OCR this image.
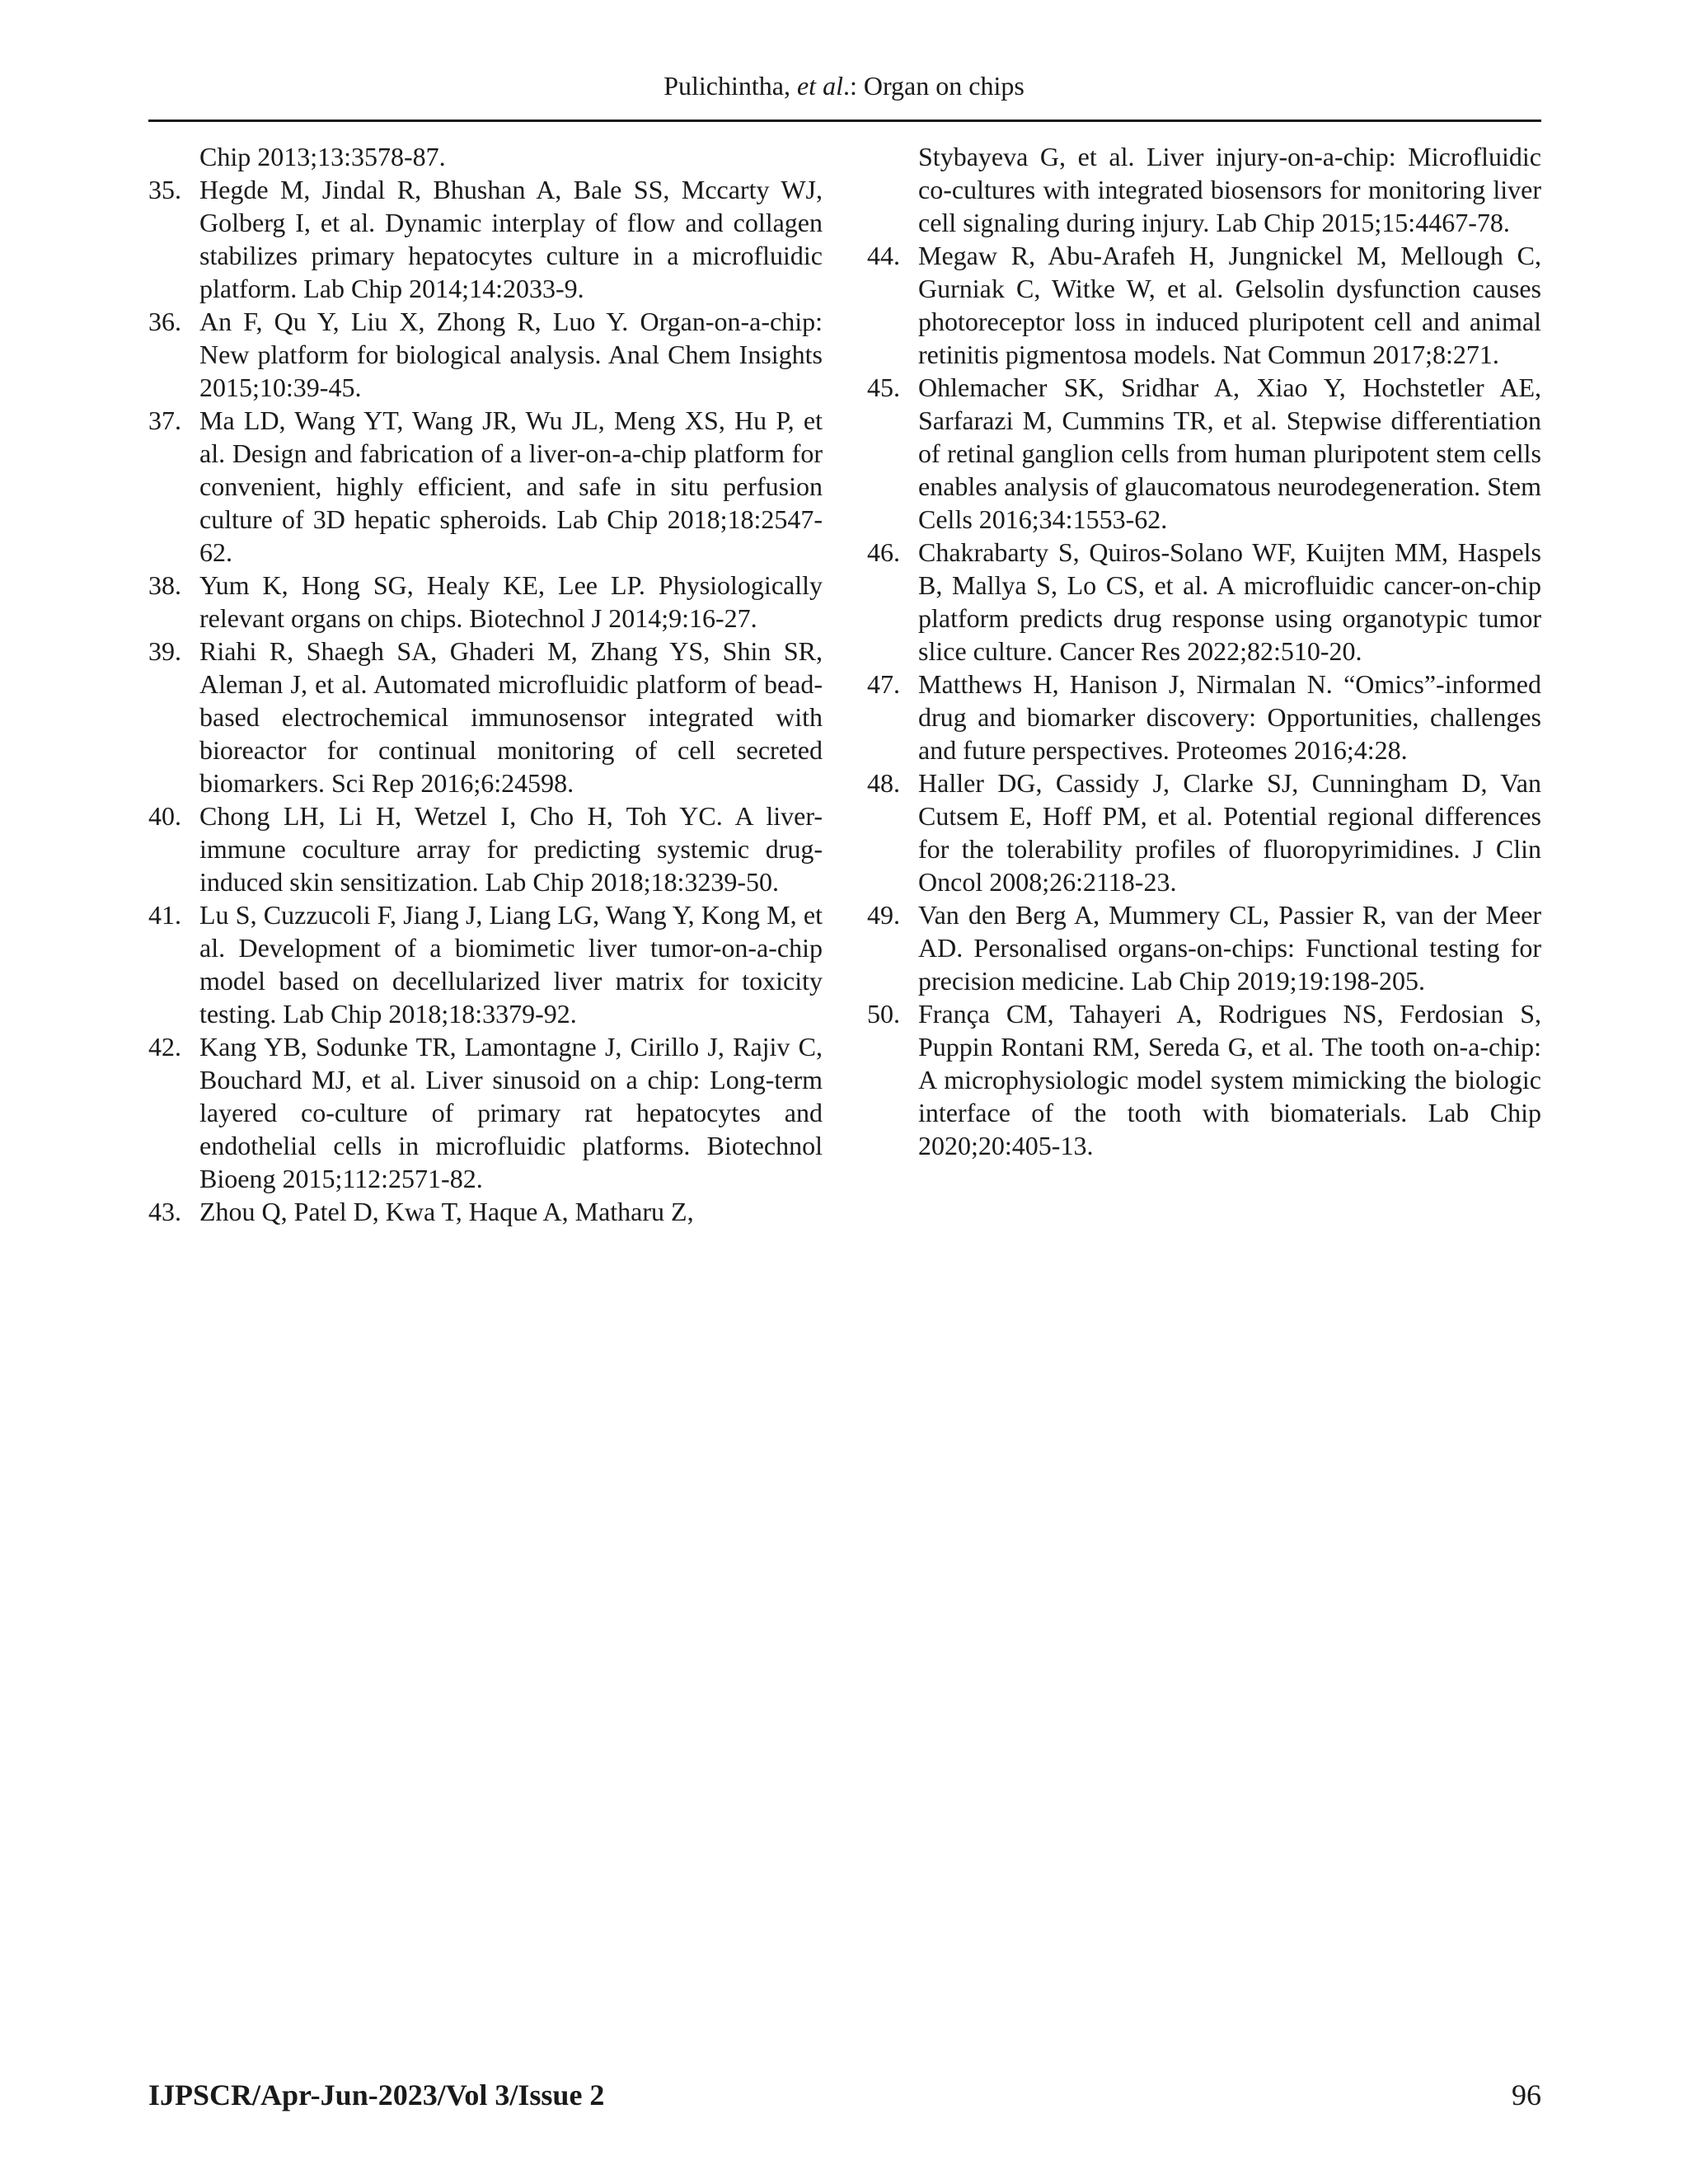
Pulichintha, et al.: Organ on chips
Chip 2013;13:3578-87.
35. Hegde M, Jindal R, Bhushan A, Bale SS, Mccarty WJ, Golberg I, et al. Dynamic interplay of flow and collagen stabilizes primary hepatocytes culture in a microfluidic platform. Lab Chip 2014;14:2033-9.
36. An F, Qu Y, Liu X, Zhong R, Luo Y. Organ-on-a-chip: New platform for biological analysis. Anal Chem Insights 2015;10:39-45.
37. Ma LD, Wang YT, Wang JR, Wu JL, Meng XS, Hu P, et al. Design and fabrication of a liver-on-a-chip platform for convenient, highly efficient, and safe in situ perfusion culture of 3D hepatic spheroids. Lab Chip 2018;18:2547-62.
38. Yum K, Hong SG, Healy KE, Lee LP. Physiologically relevant organs on chips. Biotechnol J 2014;9:16-27.
39. Riahi R, Shaegh SA, Ghaderi M, Zhang YS, Shin SR, Aleman J, et al. Automated microfluidic platform of bead-based electrochemical immunosensor integrated with bioreactor for continual monitoring of cell secreted biomarkers. Sci Rep 2016;6:24598.
40. Chong LH, Li H, Wetzel I, Cho H, Toh YC. A liver-immune coculture array for predicting systemic drug-induced skin sensitization. Lab Chip 2018;18:3239-50.
41. Lu S, Cuzzucoli F, Jiang J, Liang LG, Wang Y, Kong M, et al. Development of a biomimetic liver tumor-on-a-chip model based on decellularized liver matrix for toxicity testing. Lab Chip 2018;18:3379-92.
42. Kang YB, Sodunke TR, Lamontagne J, Cirillo J, Rajiv C, Bouchard MJ, et al. Liver sinusoid on a chip: Long-term layered co-culture of primary rat hepatocytes and endothelial cells in microfluidic platforms. Biotechnol Bioeng 2015;112:2571-82.
43. Zhou Q, Patel D, Kwa T, Haque A, Matharu Z,
Stybayeva G, et al. Liver injury-on-a-chip: Microfluidic co-cultures with integrated biosensors for monitoring liver cell signaling during injury. Lab Chip 2015;15:4467-78.
44. Megaw R, Abu-Arafeh H, Jungnickel M, Mellough C, Gurniak C, Witke W, et al. Gelsolin dysfunction causes photoreceptor loss in induced pluripotent cell and animal retinitis pigmentosa models. Nat Commun 2017;8:271.
45. Ohlemacher SK, Sridhar A, Xiao Y, Hochstetler AE, Sarfarazi M, Cummins TR, et al. Stepwise differentiation of retinal ganglion cells from human pluripotent stem cells enables analysis of glaucomatous neurodegeneration. Stem Cells 2016;34:1553-62.
46. Chakrabarty S, Quiros-Solano WF, Kuijten MM, Haspels B, Mallya S, Lo CS, et al. A microfluidic cancer-on-chip platform predicts drug response using organotypic tumor slice culture. Cancer Res 2022;82:510-20.
47. Matthews H, Hanison J, Nirmalan N. “Omics”-informed drug and biomarker discovery: Opportunities, challenges and future perspectives. Proteomes 2016;4:28.
48. Haller DG, Cassidy J, Clarke SJ, Cunningham D, Van Cutsem E, Hoff PM, et al. Potential regional differences for the tolerability profiles of fluoropyrimidines. J Clin Oncol 2008;26:2118-23.
49. Van den Berg A, Mummery CL, Passier R, van der Meer AD. Personalised organs-on-chips: Functional testing for precision medicine. Lab Chip 2019;19:198-205.
50. França CM, Tahayeri A, Rodrigues NS, Ferdosian S, Puppin Rontani RM, Sereda G, et al. The tooth on-a-chip: A microphysiologic model system mimicking the biologic interface of the tooth with biomaterials. Lab Chip 2020;20:405-13.
IJPSCR/Apr-Jun-2023/Vol 3/Issue 2	96
